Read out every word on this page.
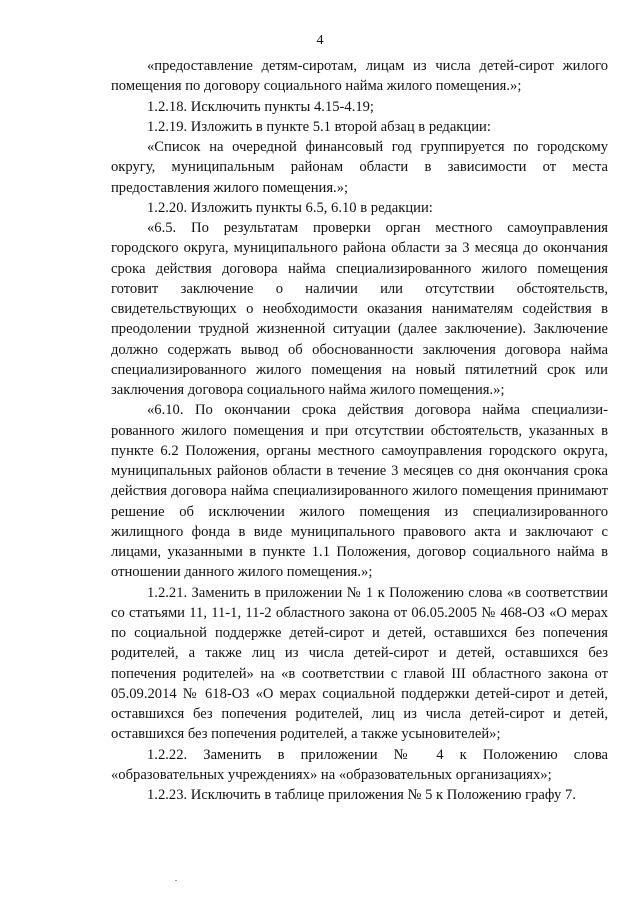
4

«предоставление детям-сиротам, лицам из числа детей-сирот жилого помещения по договору социального найма жилого помещения.»;

1.2.18. Исключить пункты 4.15-4.19;

1.2.19. Изложить в пункте 5.1 второй абзац в редакции:

«Список на очередной финансовый год группируется по городскому округу, муниципальным районам области в зависимости от места предоставления жилого помещения.»;

1.2.20. Изложить пункты 6.5, 6.10 в редакции:

«6.5. По результатам проверки орган местного самоуправления городского округа, муниципального района области за 3 месяца до окончания срока действия договора найма специализированного жилого помещения готовит заключение о наличии или отсутствии обстоятельств, свидетельствующих о необходимости оказания нанимателям содействия в преодолении трудной жизненной ситуации (далее заключение). Заключение должно содержать вывод об обоснованности заключения договора найма специализированного жилого помещения на новый пятилетний срок или заключения договора социального найма жилого помещения.»;

«6.10. По окончании срока действия договора найма специализированного жилого помещения и при отсутствии обстоятельств, указанных в пункте 6.2 Положения, органы местного самоуправления городского округа, муниципальных районов области в течение 3 месяцев со дня окончания срока действия договора найма специализированного жилого помещения принимают решение об исключении жилого помещения из специализированного жилищного фонда в виде муниципального правового акта и заключают с лицами, указанными в пункте 1.1 Положения, договор социального найма в отношении данного жилого помещения.»;

1.2.21. Заменить в приложении № 1 к Положению слова «в соответствии со статьями 11, 11-1, 11-2 областного закона от 06.05.2005 № 468-ОЗ «О мерах по социальной поддержке детей-сирот и детей, оставшихся без попечения родителей, а также лиц из числа детей-сирот и детей, оставшихся без попечения родителей» на «в соответствии с главой III областного закона от 05.09.2014 № 618-ОЗ «О мерах социальной поддержки детей-сирот и детей, оставшихся без попечения родителей, лиц из числа детей-сирот и детей, оставшихся без попечения родителей, а также усыновителей»;

1.2.22. Заменить в приложении № 4 к Положению слова «образовательных учреждениях» на «образовательных организациях»;

1.2.23. Исключить в таблице приложения № 5 к Положению графу 7.
